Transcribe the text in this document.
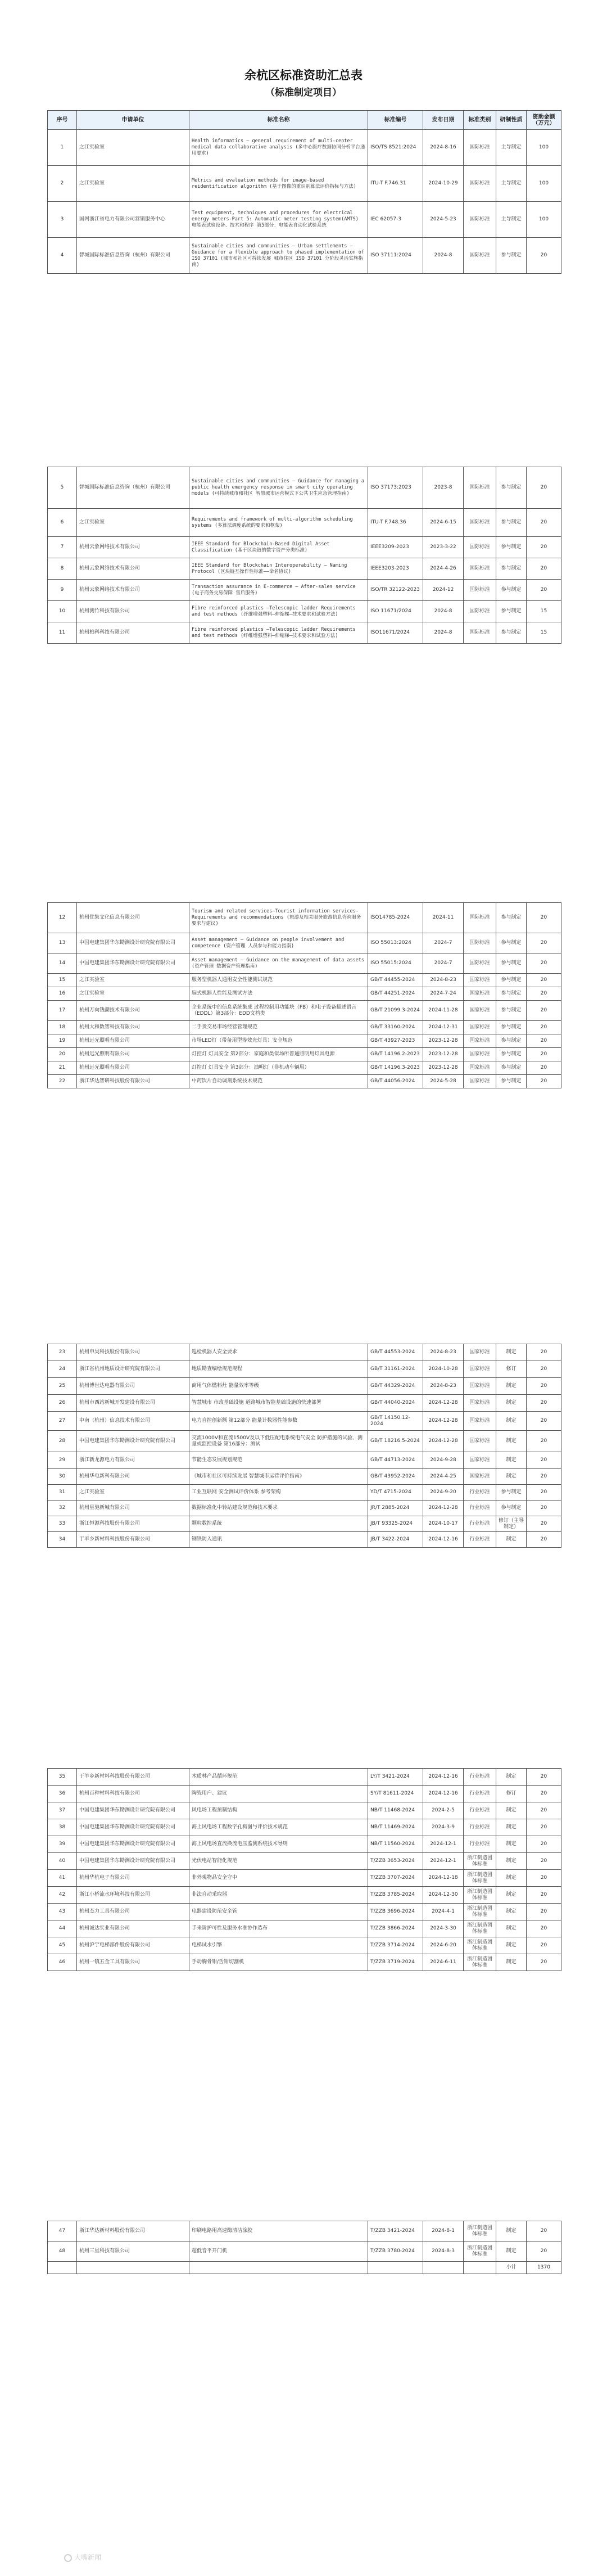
余杭区标准资助汇总表
（标准制定项目）
序号	申请单位	标准名称	标准编号	发布日期	标准类别	研制性质	资助金额（万元）
1	之江实验室	Health informatics — general requirement of multi-center medical data collaborative analysis (多中心医疗数据协同分析平台通用要求)	ISO/TS 8521:2024	2024-8-16	国际标准	主导制定	100
2	之江实验室	Metrics and evaluation methods for image-based reidentification algorithm (基于图像的重识别算法评价指标与方法)	ITU-T F.746.31	2024-10-29	国际标准	主导制定	100
3	国网浙江省电力有限公司营销服务中心	Test equipment, techniques and procedures for electrical energy meters-Part 5: Automatic meter testing system(AMTS) 电能表试验设备、技术和程序 第5部分：电能表自动化试验系统	IEC 62057-3	2024-5-23	国际标准	主导制定	100
4	智城国际标准信息咨询（杭州）有限公司	Sustainable cities and communities — Urban settlements — Guidance for a flexible approach to phased implementation of ISO 37101 (城市和社区可持续发展 城市住区 ISO 37101 分阶段灵活实施指南)	ISO 37111:2024	2024-8	国际标准	参与制定	20
5	智城国际标准信息咨询（杭州）有限公司	Sustainable cities and communities — Guidance for managing a public health emergency response in smart city operating models (可持续城市和社区 智慧城市运营模式下公共卫生应急管理指南)	ISO 37173:2023	2023-8	国际标准	参与制定	20
6	之江实验室	Requirements and framework of multi-algorithm scheduling systems (多算法调度系统的要求和框架)	ITU-T F.748.36	2024-6-15	国际标准	参与制定	20
7	杭州云象网络技术有限公司	IEEE Standard for Blockchain-Based Digital Asset Classification (基于区块链的数字资产分类标准)	IEEE3209-2023	2023-3-22	国际标准	参与制定	20
8	杭州云象网络技术有限公司	IEEE Standard for Blockchain Interoperability — Naming Protocol (区块链互操作性标准——命名协议)	IEEE3203-2023	2024-4-26	国际标准	参与制定	20
9	杭州云象网络技术有限公司	Transaction assurance in E-commerce — After-sales service (电子商务交易保障 售后服务)	ISO/TR 32122-2023	2024-12	国际标准	参与制定	20
10	杭州测竹科技有限公司	Fibre reinforced plastics —Telescopic ladder Requirements and test methods (纤维增强塑料—伸缩梯—技术要求和试验方法)	ISO 11671/2024	2024-8	国际标准	参与制定	15
11	杭州柏科科技有限公司	Fibre reinforced plastics —Telescopic ladder Requirements and test methods (纤维增强塑料—伸缩梯—技术要求和试验方法)	ISO11671/2024	2024-8	国际标准	参与制定	15
12	杭州优集文化信息有限公司	Tourism and related services—Tourist information services-Requirements and recommendations (旅游及相关服务旅游信息咨询服务要求与建议)	ISO14785-2024	2024-11	国际标准	参与制定	20
13	中国电建集团华东勘测设计研究院有限公司	Asset management — Guidance on people involvement and competence (资产管理 人员参与和能力指南)	ISO 55013:2024	2024-7	国际标准	参与制定	20
14	中国电建集团华东勘测设计研究院有限公司	Asset management — Guidance on the management of data assets (资产管理 数据资产管理指南)	ISO 55015:2024	2024-7	国际标准	参与制定	20
15	之江实验室	服务型机器人通用安全性能测试规范	GB/T 44455-2024	2024-8-23	国家标准	参与制定	20
16	之江实验室	脑式机器人性能及测试方法	GB/T 44251-2024	2024-7-24	国家标准	参与制定	20
17	杭州万向钱潮技术有限公司	企业系统中的信息系统集成 过程控制用功能块（FB）和电子设备描述语言（EDDL）第3部分：EDD文档类	GB/T 21099.3-2024	2024-11-28	国家标准	参与制定	20
18	杭州大和数智科技有限公司	二手货交易市场经营管理规范	GB/T 33160-2024	2024-12-31	国家标准	参与制定	20
19	杭州远光照明有限公司	市场LED灯（带备用型等效光灯具）安全规范	GB/T 43927-2023	2023-12-28	国家标准	参与制定	20
20	杭州远光照明有限公司	灯控灯 灯具安全 第2部分：家庭和类似场所普通照明用灯具电源	GB/T 14196.2-2023	2023-12-28	国家标准	参与制定	20
21	杭州远光照明有限公司	灯控灯 灯具安全 第3部分：油明灯（非机动车辆用）	GB/T 14196.3-2023	2023-12-28	国家标准	参与制定	20
22	浙江华达智研科技股份有限公司	中药饮片自动调剂系统技术规范	GB/T 44056-2024	2024-5-28	国家标准	参与制定	20
23	杭州申昊科技股份有限公司	巡检机器人安全要求	GB/T 44553-2024	2024-8-23	国家标准	制定	20
24	浙江省杭州地质设计研究院有限公司	地质勘查编绘规范规程	GB/T 31161-2024	2024-10-28	国家标准	修订	20
25	杭州博世达电器有限公司	商用气体燃料灶 能量效率等级	GB/T 44329-2024	2024-8-23	国家标准	制定	20
26	杭州市西站新城开发建设有限公司	智慧城市 市政基础设施 道路城市智能基础设施的快速部署	GB/T 44040-2024	2024-12-28	国家标准	制定	20
27	中南（杭州）信息技术有限公司	电力自控创新额 第12部分 能量计数器性能参数	GB/T 14150.12-2024	2024-12-28	国家标准	制定	20
28	中国电建集团华东勘测设计研究院有限公司	交流1000V和直流1500V及以下低压配电系统电气安全 防护措施的试验、测量或监控设备 第16部分：测试	GB/T 18216.5-2024	2024-12-28	国家标准	制定	20
29	浙江新龙源电力有限公司	节能生态发展规划规范	GB/T 44713-2024	2024-9-28	国家标准	制定	20
30	杭州华电新科有限公司	《城市和社区可持续发展 智慧城市运营评价指南》	GB/T 43952-2024	2024-4-25	国家标准	制定	20
31	之江实验室	工业互联网 安全测试评价体系 参考架构	YD/T 4715-2024	2024-9-20	行业标准	参与制定	20
32	杭州星驰新城有限公司	数据标准化中转站建设规范和技术要求	JR/T 2885-2024	2024-12-28	行业标准	参与制定	20
33	浙江恒源科技股份有限公司	颗粒数控系统	JB/T 93325-2024	2024-10-17	行业标准	修订（主导制定）	20
34	于羊乡新材料科技股份有限公司	钢铁防入通讯	JB/T 3422-2024	2024-12-16	行业标准	制定	20
35	于羊乡新材料科技股份有限公司	木质林产品循环规范	LY/T 3421-2024	2024-12-16	行业标准	制定	20
36	杭州百种材料科技有限公司	陶瓷用户、建议	SY/T 81611-2024	2024-12-16	行业标准	修订	20
37	中国电建集团华东勘测设计研究院有限公司	风电场工程预制结构	NB/T 11468-2024	2024-2-5	行业标准	制定	20
38	中国电建集团华东勘测设计研究院有限公司	海上风电场工程数字孔构图与评价技术规范	NB/T 11469-2024	2024-3-9	行业标准	制定	20
39	中国电建集团华东勘测设计研究院有限公司	海上风电场直流换流电压监测系统技术导则	NB/T 11560-2024	2024-12-1	行业标准	制定	20
40	中国电建集团华东勘测设计研究院有限公司	光伏电站智能化规范	T/ZZB 3653-2024	2024-12-1	浙江制造团体标准	制定	20
41	杭州华杭电子有限公司	非外观物品安全守中	T/ZZB 3707-2024	2024-12-18	浙江制造团体标准	制定	20
42	浙江小桥流水环境科技有限公司	非法自动采取器	T/ZZB 3785-2024	2024-12-30	浙江制造团体标准	制定	20
43	杭州杰力工具有限公司	电器建设防范安全管	T/ZZB 3696-2024	2024-4-1	浙江制造团体标准	制定	20
44	杭州诚达实业有限公司	手来阶护可性及服务水准协作选布	T/ZZB 3866-2024	2024-3-30	浙江制造团体标准	制定	20
45	杭州沪宁电梯部件股份有限公司	电梯试水引擎	T/ZZB 3714-2024	2024-6-20	浙江制造团体标准	制定	20
46	杭州一镇五金工具有限公司	手动胸骨钳/舌钳切割机	T/ZZB 3719-2024	2024-6-11	浙江制造团体标准	制定	20
47	浙江华达新材料股份有限公司	印刷电路用高速酶清洁涂胶	T/ZZB 3421-2024	2024-8-1	浙江制造团体标准	制定	20
48	杭州三星科技有限公司	超低音平开门机	T/ZZB 3780-2024	2024-8-3	浙江制造团体标准	制定	20
						小计	1370
大嘴新闻
